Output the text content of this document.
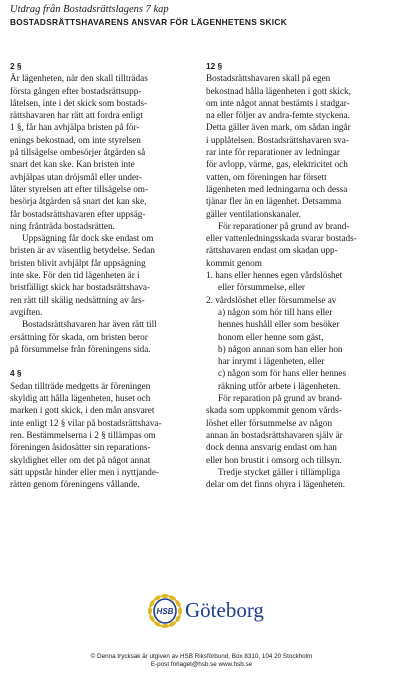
Utdrag från Bostadsrättslagens 7 kap
BOSTADSRÄTTSHAVARENS ANSVAR FÖR LÄGENHETENS SKICK
2 §
Är lägenheten, när den skall tillträdas
första gången efter bostadsrättsupp-
låtelsen, inte i det skick som bostads-
rättshavaren har rätt att fordra enligt
1 §, får han avhjälpa bristen på för-
enings bekostnad, om inte styrelsen
på tillsägelse ombesörjer åtgärden så
snart det kan ske. Kan bristen inte
avhjälpas utan dröjsmål eller under-
låter styrelsen att efter tillsägelse om-
besörja åtgärden så snart det kan ske,
får bostadsrättshavaren efter uppsäg-
ning frånträda bostadsrätten.
Uppsägning får dock ske endast om
bristen är av väsentlig betydelse. Sedan
bristen blivit avhjälpt får uppsägning
inte ske. För den tid lägenheten är i
bristfälligt skick har bostadsrättshava-
ren rätt till skälig nedsättning av års-
avgiften.
Bostadsrättshavaren har även rätt till
ersättning för skada, om bristen beror
på försummelse från föreningens sida.
4 §
Sedan tillträde medgetts är föreningen
skyldig att hålla lägenheten, huset och
marken i gott skick, i den mån ansvaret
inte enligt 12 § vilar på bostadsrättshava-
ren. Bestämmelserna i 2 § tillämpas om
föreningen åsidosätter sin reparations-
skyldighet eller om det på något annat
sätt uppstår hinder eller men i nyttjande-
rätten genom föreningens vållande.
12 §
Bostadsrättshavaren skall på egen
bekostnad hålla lägenheten i gott skick,
om inte något annat bestämts i stadgar-
na eller följer av andra-femte styckena.
Detta gäller även mark, om sådan ingår
i upplåtelsen. Bostadsrättshavaren sva-
rar inte för reparationer av ledningar
för avlopp, värme, gas, elektricitet och
vatten, om föreningen har försett
lägenheten med ledningarna och dessa
tjänar fler än en lägenhet. Detsamma
gäller ventilationskanaler.
För reparationer på grund av brand-
eller vattenledningsskada svarar bostads-
rättshavaren endast om skadan upp-
kommit genom
1. hans eller hennes egen vårdslöshet
eller försummelse, eller
2. vårdslöshet eller försummelse av
a) någon som hör till hans eller
hennes hushåll eller som besöker
honom eller henne som gäst,
b) någon annan som han eller hon
har inrymt i lägenheten, eller
c) någon som för hans eller hennes
räkning utför arbete i lägenheten.
För reparation på grund av brand-
skada som uppkommit genom vårds-
löshet eller försummelse av någon
annan än bostadsrättshavaren själv är
dock denna ansvarig endast om han
eller hon brustit i omsorg och tillsyn.
Tredje stycket gäller i tillämpliga
delar om det finns ohyra i lägenheten.
HSB Göteborg
© Denna trycksak är utgiven av HSB Riksförbund, Box 8310, 104 20 Stockholm
E-post forlaget@hsb.se www.hsb.se
